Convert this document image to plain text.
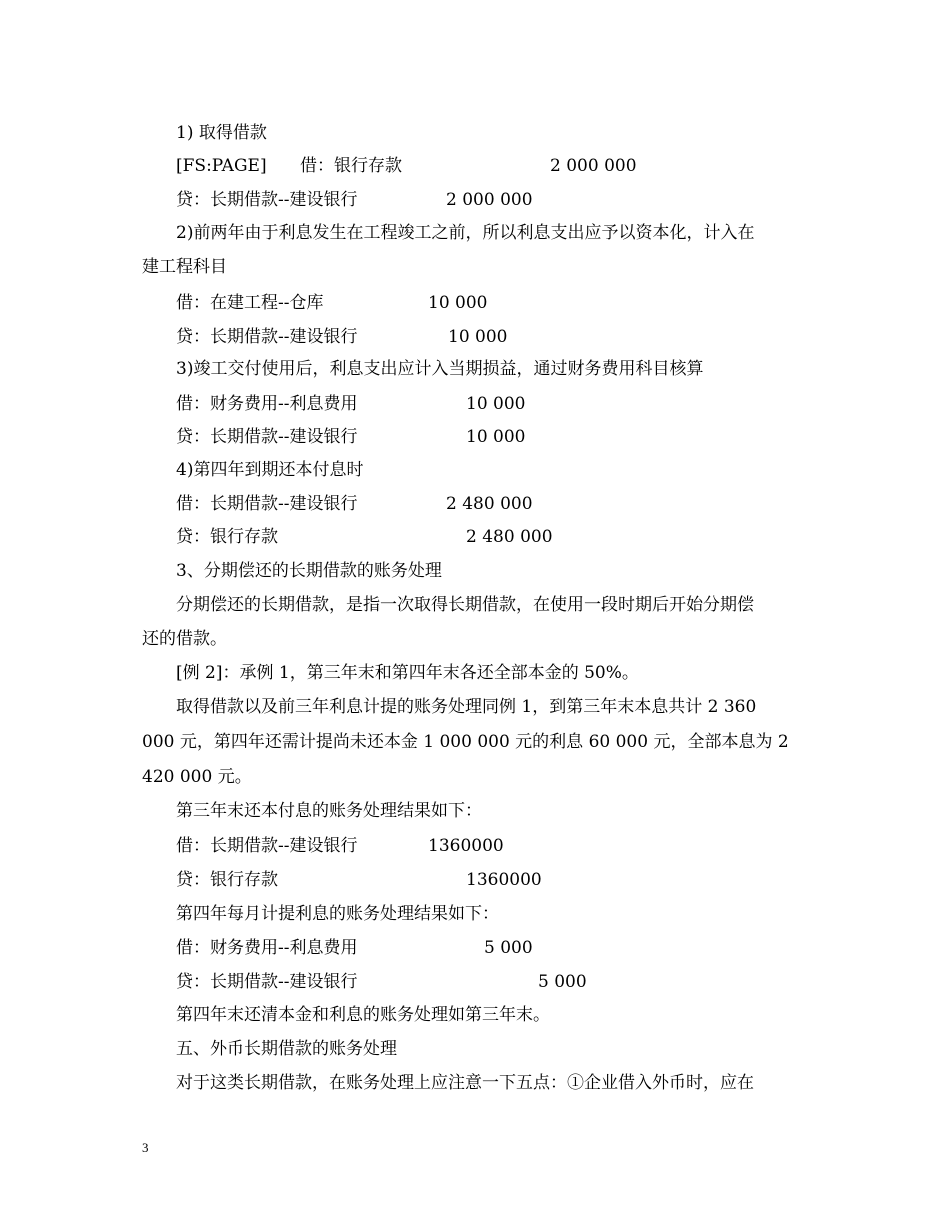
1) 取得借款

[FS:PAGE]

借：银行存款

	2 000 000

贷：长期借款--建设银行

	2 000 000

2)前两年由于利息发生在工程竣工之前，所以利息支出应予以资本化，计入在
建工程科目

借：在建工程--仓库

	10 000

贷：长期借款--建设银行

	10 000

3)竣工交付使用后，利息支出应计入当期损益，通过财务费用科目核算

借：财务费用--利息费用

	10 000

贷：长期借款--建设银行

	10 000

4)第四年到期还本付息时

借：长期借款--建设银行

	2 480 000

贷：银行存款

	2 480 000

3、分期偿还的长期借款的账务处理
分期偿还的长期借款，是指一次取得长期借款，在使用一段时期后开始分期偿
还的借款。
[例 2]：承例 1，第三年末和第四年末各还全部本金的 50%。
取得借款以及前三年利息计提的账务处理同例 1，到第三年末本息共计 2 360
000 元，第四年还需计提尚未还本金 1 000 000 元的利息 60 000 元，全部本息为 2
420 000 元。
第三年末还本付息的账务处理结果如下：

借：长期借款--建设银行

	1360000

贷：银行存款

	1360000

第四年每月计提利息的账务处理结果如下：

借：财务费用--利息费用

	5 000

贷：长期借款--建设银行

	5 000

第四年末还清本金和利息的账务处理如第三年末。
五、外币长期借款的账务处理
对于这类长期借款，在账务处理上应注意一下五点：①企业借入外币时，应在
3
